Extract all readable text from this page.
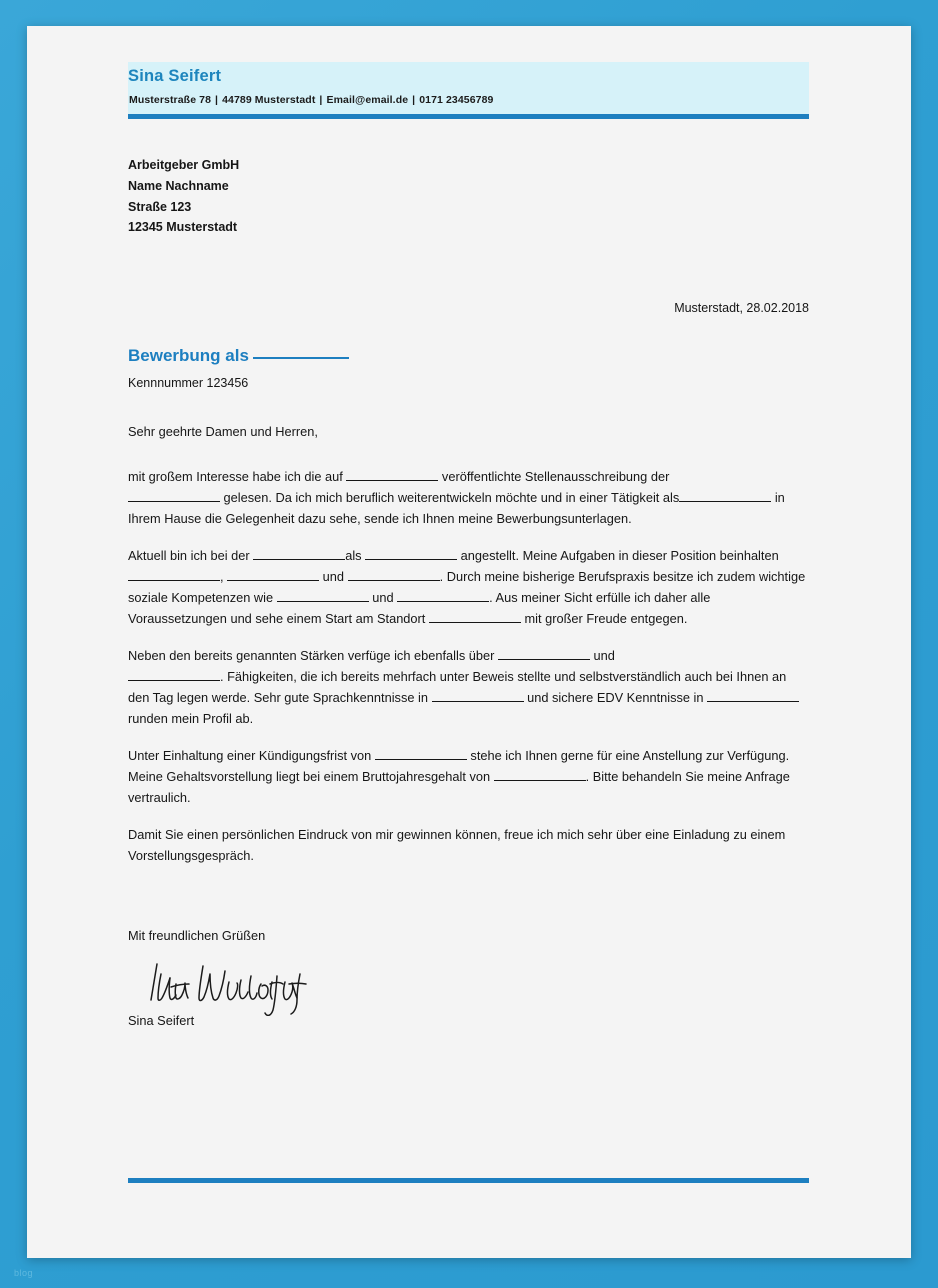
Sina Seifert
Musterstraße 78 | 44789 Musterstadt | Email@email.de | 0171 23456789
Arbeitgeber GmbH
Name Nachname
Straße 123
12345 Musterstadt
Musterstadt, 28.02.2018
Bewerbung als
Kennnummer 123456
Sehr geehrte Damen und Herren,

mit großem Interesse habe ich die auf	veröffentlichte Stellenausschreibung der
gelesen. Da ich mich beruflich weiterentwickeln möchte und in einer Tätigkeit als	in Ihrem Hause die Gelegenheit dazu sehe, sende ich Ihnen meine Bewerbungsunterlagen.

Aktuell bin ich bei der	als	angestellt. Meine Aufgaben in dieser Position beinhalten ,	und	. Durch meine bisherige Berufspraxis besitze ich zudem wichtige soziale Kompetenzen wie	und	. Aus meiner Sicht erfülle ich daher alle Voraussetzungen und sehe einem Start am Standort	mit großer Freude entgegen.

Neben den bereits genannten Stärken verfüge ich ebenfalls über	und
. Fähigkeiten, die ich bereits mehrfach unter Beweis stellte und selbstverständlich auch bei Ihnen an den Tag legen werde. Sehr gute Sprachkenntnisse in	und sichere EDV Kenntnisse in  runden mein Profil ab.

Unter Einhaltung einer Kündigungsfrist von	stehe ich Ihnen gerne für eine Anstellung zur Verfügung. Meine Gehaltsvorstellung liegt bei einem Bruttojahresgehalt von	. Bitte behandeln Sie meine Anfrage vertraulich.

Damit Sie einen persönlichen Eindruck von mir gewinnen können, freue ich mich sehr über eine Einladung zu einem Vorstellungsgespräch.

Mit freundlichen Grüßen
Sina Seifert
blog
